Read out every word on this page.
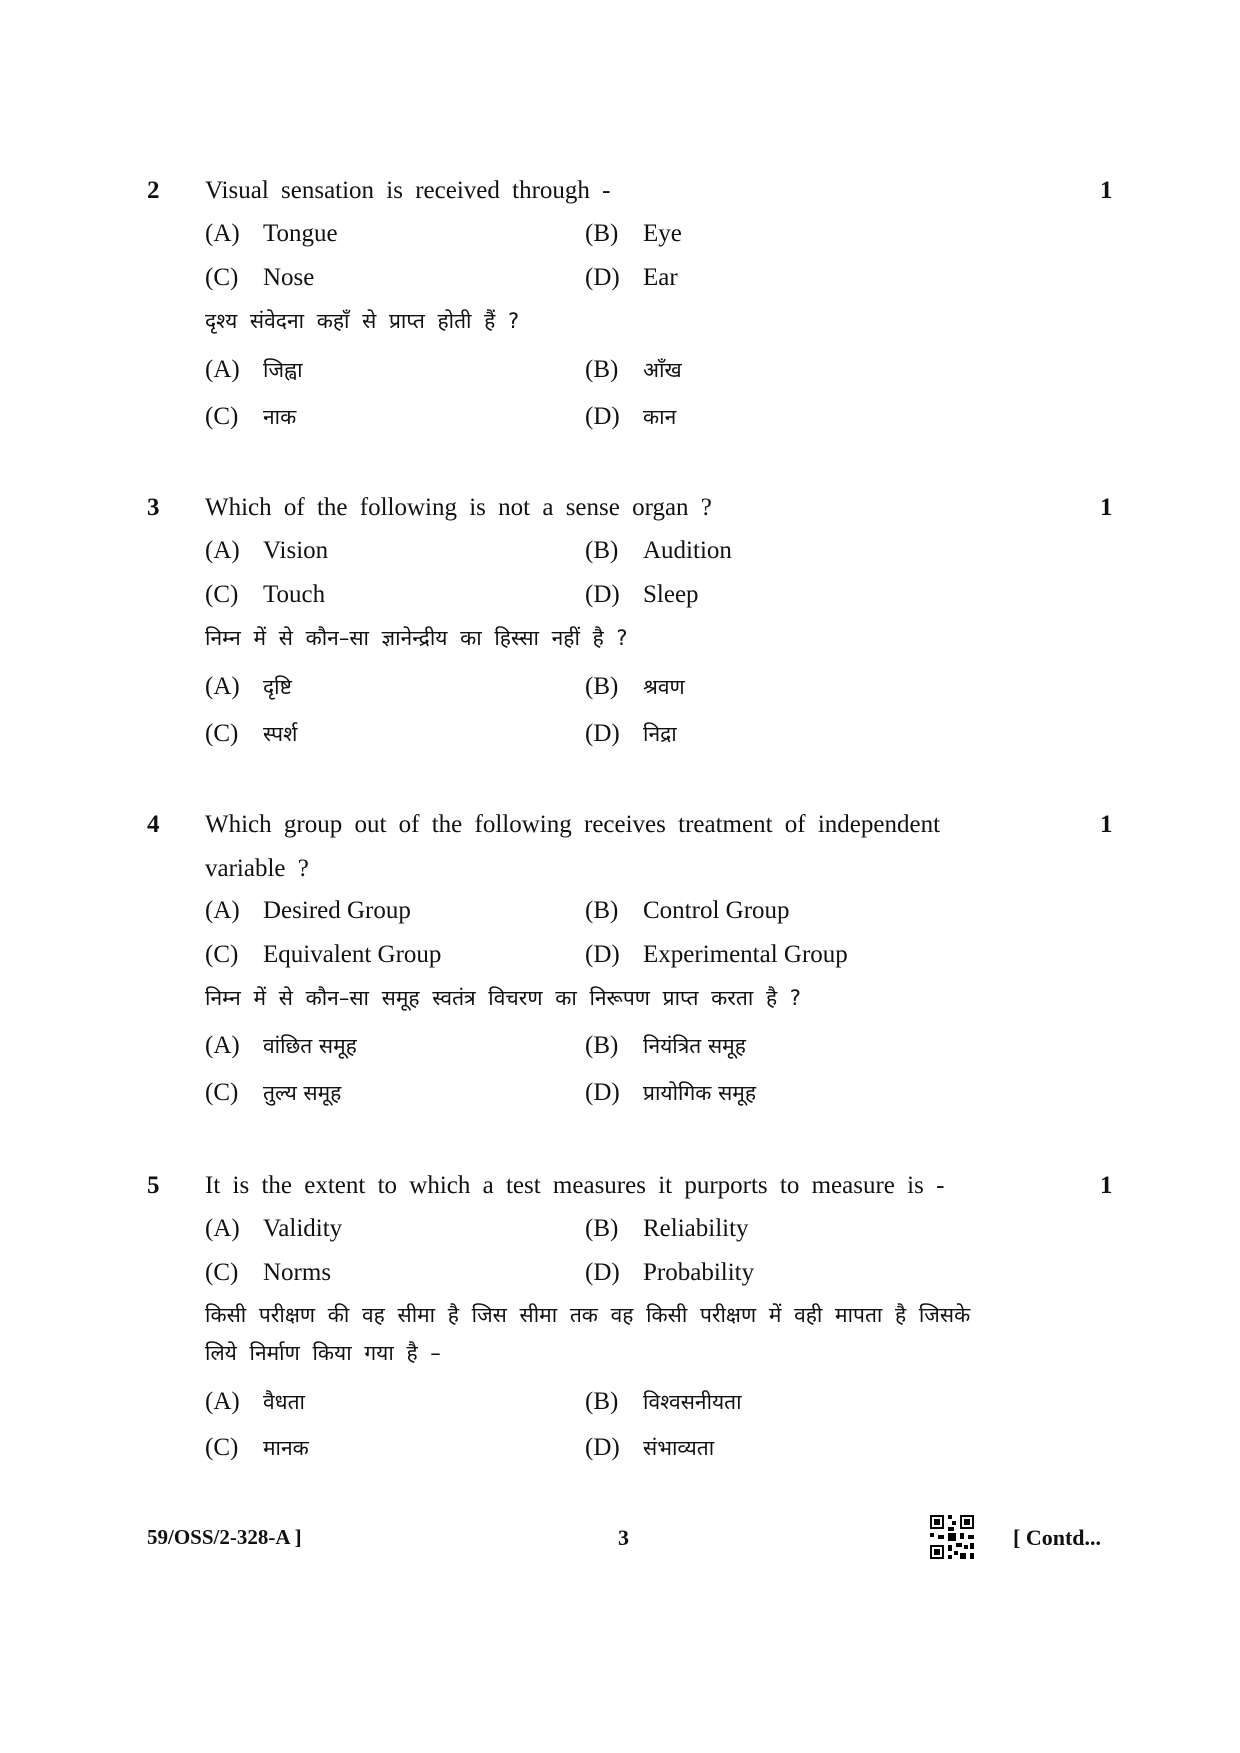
2	1
Visual sensation is received through -
(A) Tongue	(B) Eye
(C) Nose	(D) Ear
दृश्य संवेदना कहाँ से प्राप्त होती हैं ?
(A) जिह्वा	(B) आँख
(C) नाक	(D) कान
3	1
Which of the following is not a sense organ ?
(A) Vision	(B) Audition
(C) Touch	(D) Sleep
निम्न में से कौन–सा ज्ञानेन्द्रीय का हिस्सा नहीं है ?
(A) दृष्टि	(B) श्रवण
(C) स्पर्श	(D) निद्रा
4	1
Which group out of the following receives treatment of independent variable ?
(A) Desired Group	(B) Control Group
(C) Equivalent Group	(D) Experimental Group
निम्न में से कौन–सा समूह स्वतंत्र विचरण का निरूपण प्राप्त करता है ?
(A) वांछित समूह	(B) नियंत्रित समूह
(C) तुल्य समूह	(D) प्रायोगिक समूह
5	1
It is the extent to which a test measures it purports to measure is -
(A) Validity	(B) Reliability
(C) Norms	(D) Probability
किसी परीक्षण की वह सीमा है जिस सीमा तक वह किसी परीक्षण में वही मापता है जिसके लिये निर्माण किया गया है –
(A) वैधता	(B) विश्वसनीयता
(C) मानक	(D) संभाव्यता
59/OSS/2-328-A ]	3	[ Contd...
